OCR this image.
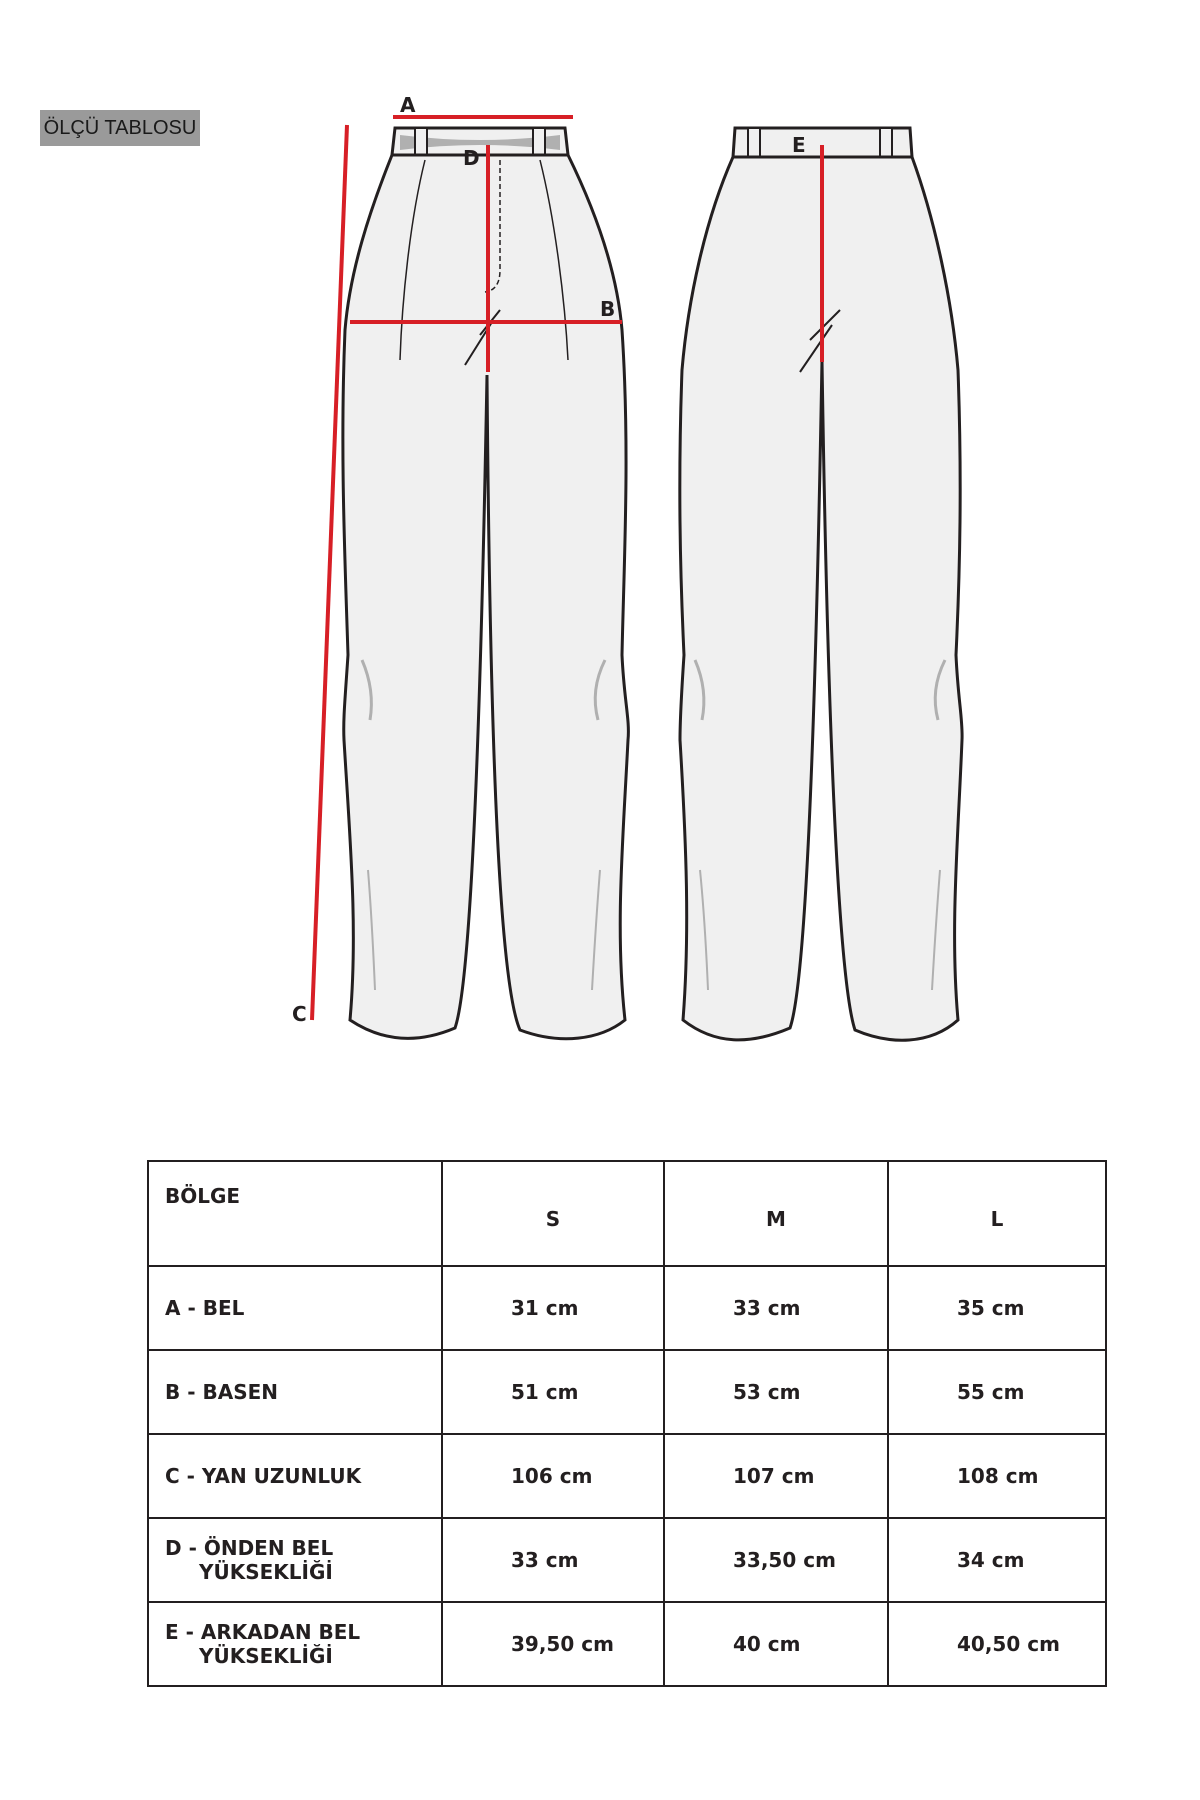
ÖLÇÜ TABLOSU
A
B
C
D
E
BÖLGE	S	M	L
A - BEL	31 cm	33 cm	35 cm
B - BASEN	51 cm	53 cm	55 cm
C - YAN UZUNLUK	106 cm	107 cm	108 cm
D - ÖNDEN BEL
YÜKSEKLİĞİ	33 cm	33,50 cm	34 cm
E - ARKADAN BEL
YÜKSEKLİĞİ	39,50 cm	40 cm	40,50 cm
